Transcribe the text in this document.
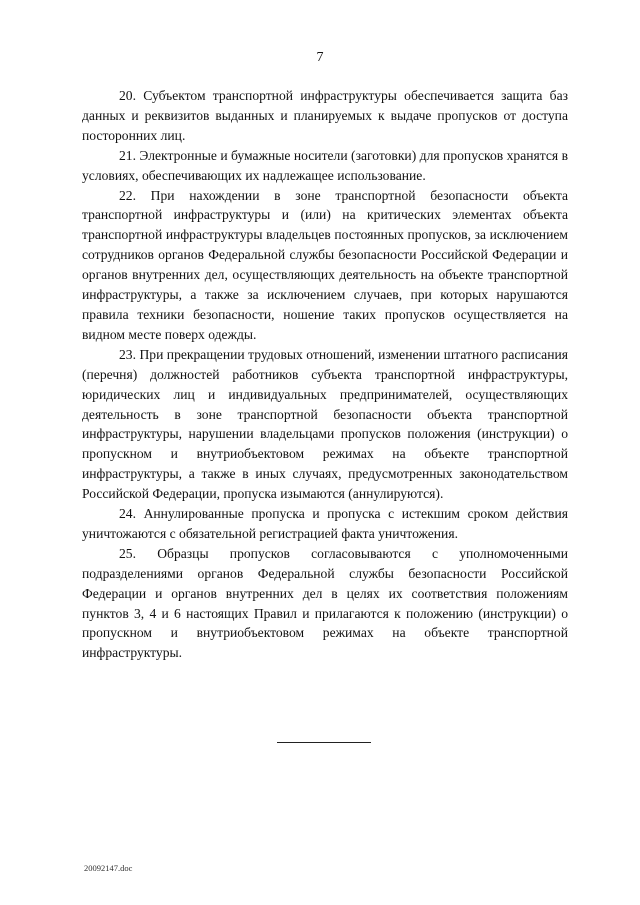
7

20. Субъектом транспортной инфраструктуры обеспечивается защита баз данных и реквизитов выданных и планируемых к выдаче пропусков от доступа посторонних лиц.

21. Электронные и бумажные носители (заготовки) для пропусков хранятся в условиях, обеспечивающих их надлежащее использование.

22. При нахождении в зоне транспортной безопасности объекта транспортной инфраструктуры и (или) на критических элементах объекта транспортной инфраструктуры владельцев постоянных пропусков, за исключением сотрудников органов Федеральной службы безопасности Российской Федерации и органов внутренних дел, осуществляющих деятельность на объекте транспортной инфраструктуры, а также за исключением случаев, при которых нарушаются правила техники безопасности, ношение таких пропусков осуществляется на видном месте поверх одежды.

23. При прекращении трудовых отношений, изменении штатного расписания (перечня) должностей работников субъекта транспортной инфраструктуры, юридических лиц и индивидуальных предпринимателей, осуществляющих деятельность в зоне транспортной безопасности объекта транспортной инфраструктуры, нарушении владельцами пропусков положения (инструкции) о пропускном и внутриобъектовом режимах на объекте транспортной инфраструктуры, а также в иных случаях, предусмотренных законодательством Российской Федерации, пропуска изымаются (аннулируются).

24. Аннулированные пропуска и пропуска с истекшим сроком действия уничтожаются с обязательной регистрацией факта уничтожения.

25. Образцы пропусков согласовываются с уполномоченными подразделениями органов Федеральной службы безопасности Российской Федерации и органов внутренних дел в целях их соответствия положениям пунктов 3, 4 и 6 настоящих Правил и прилагаются к положению (инструкции) о пропускном и внутриобъектовом режимах на объекте транспортной инфраструктуры.

20092147.doc
